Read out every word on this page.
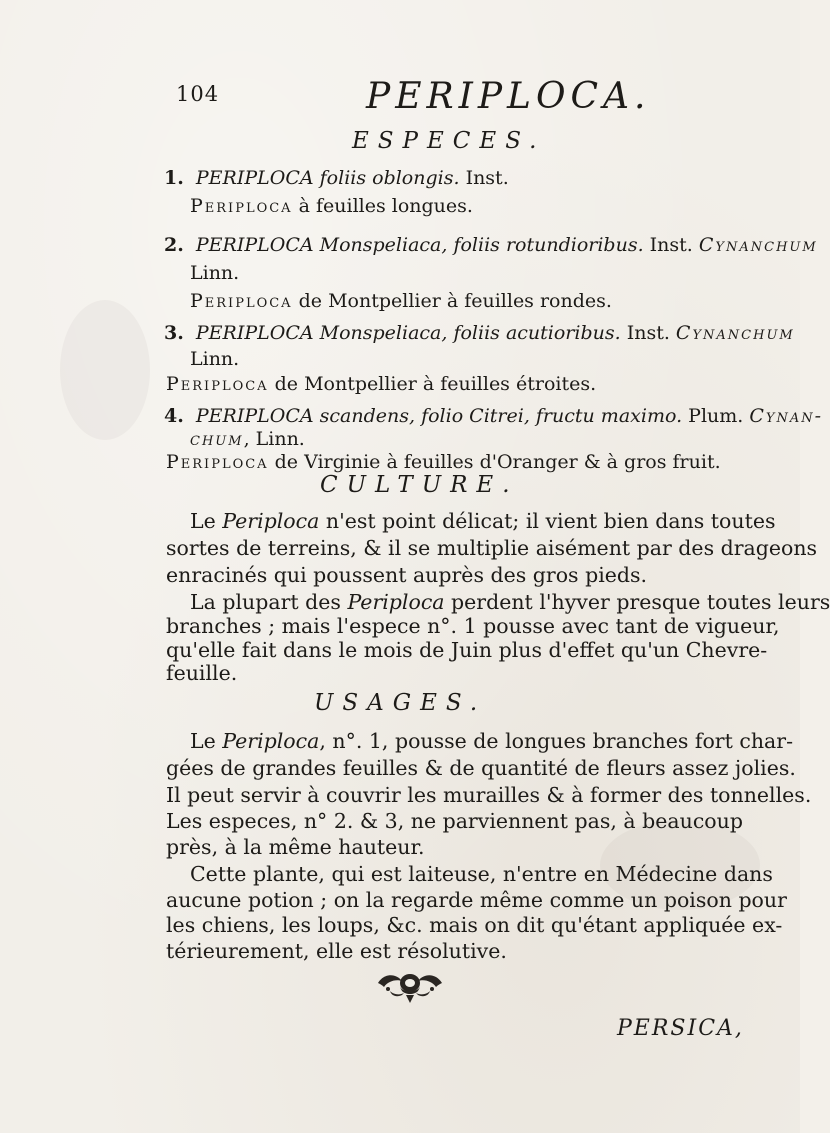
104	PERIPLOCA.
ESPECES.
1. PERIPLOCA foliis oblongis. Inst.
Periploca à feuilles longues.
2. PERIPLOCA Monspeliaca, foliis rotundioribus. Inst. Cynanchum
Linn.
Periploca de Montpellier à feuilles rondes.
3. PERIPLOCA Monspeliaca, foliis acutioribus. Inst. Cynanchum
Linn.
Periploca de Montpellier à feuilles étroites.
4. PERIPLOCA scandens, folio Citrei, fructu maximo. Plum. Cynan-
chum, Linn.
Periploca de Virginie à feuilles d'Oranger & à gros fruit.
CULTURE.
Le Periploca n'est point délicat; il vient bien dans toutes
sortes de terreins, & il se multiplie aisément par des drageons
enracinés qui poussent auprès des gros pieds.
La plupart des Periploca perdent l'hyver presque toutes leurs
branches ; mais l'espece n°. 1 pousse avec tant de vigueur,
qu'elle fait dans le mois de Juin plus d'effet qu'un Chevre-
feuille.
USAGES.
Le Periploca, n°. 1, pousse de longues branches fort char-
gées de grandes feuilles & de quantité de fleurs assez jolies.
Il peut servir à couvrir les murailles & à former des tonnelles.
Les especes, n° 2. & 3, ne parviennent pas, à beaucoup
près, à la même hauteur.
Cette plante, qui est laiteuse, n'entre en Médecine dans
aucune potion ; on la regarde même comme un poison pour
les chiens, les loups, &c. mais on dit qu'étant appliquée ex-
térieurement, elle est résolutive.
PERSICA,
